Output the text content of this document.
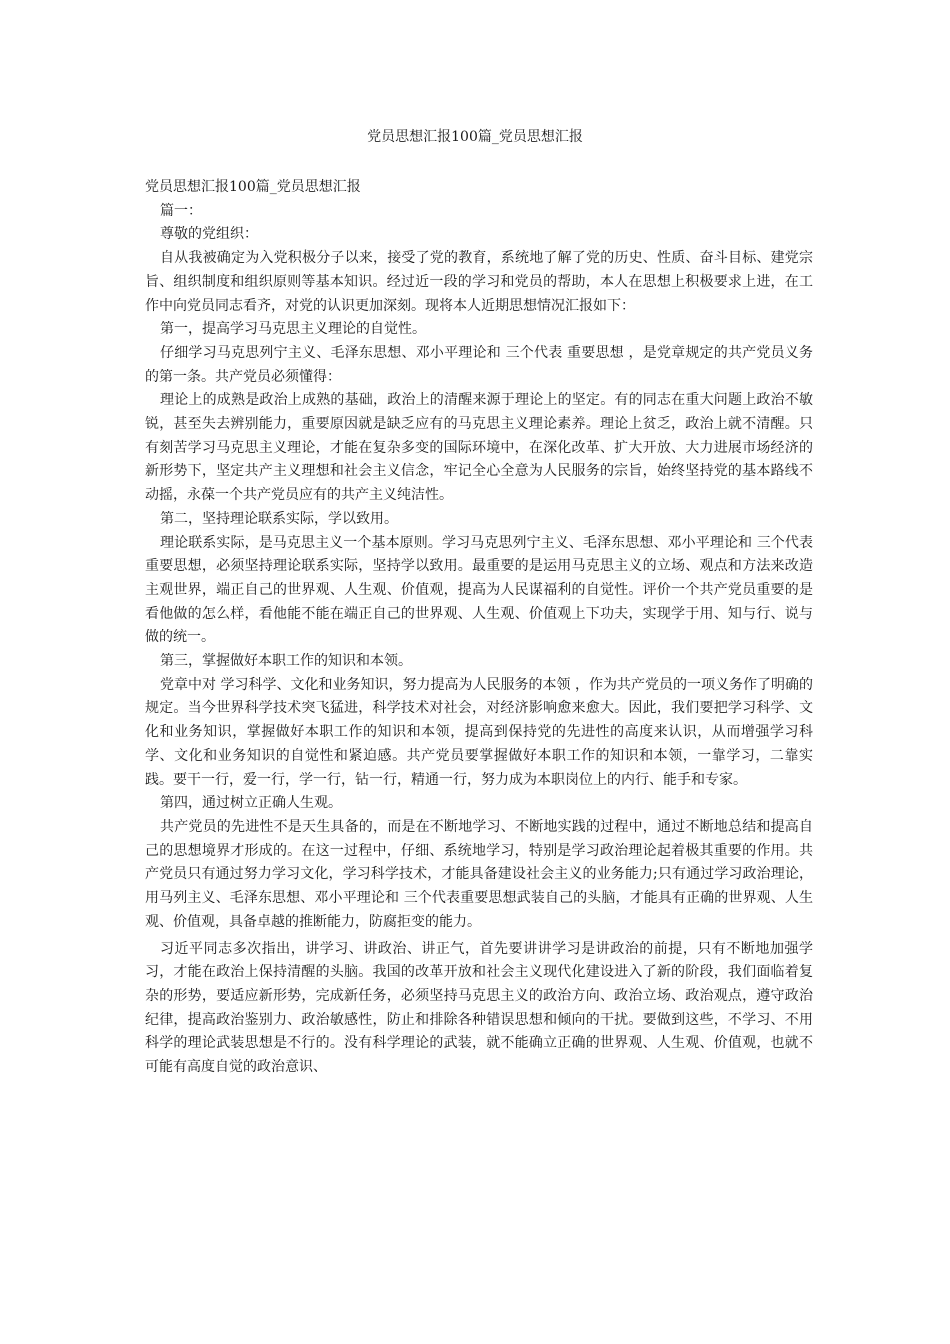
党员思想汇报100篇_党员思想汇报

党员思想汇报100篇_党员思想汇报

篇一：

尊敬的党组织：

自从我被确定为入党积极分子以来，接受了党的教育，系统地了解了党的历史、性质、奋斗目标、建党宗旨、组织制度和组织原则等基本知识。经过近一段的学习和党员的帮助，本人在思想上积极要求上进，在工作中向党员同志看齐，对党的认识更加深刻。现将本人近期思想情况汇报如下：

第一，提高学习马克思主义理论的自觉性。

仔细学习马克思列宁主义、毛泽东思想、邓小平理论和 三个代表 重要思想 ，是党章规定的共产党员义务的第一条。共产党员必须懂得：

理论上的成熟是政治上成熟的基础，政治上的清醒来源于理论上的坚定。有的同志在重大问题上政治不敏锐，甚至失去辨别能力，重要原因就是缺乏应有的马克思主义理论素养。理论上贫乏，政治上就不清醒。只有刻苦学习马克思主义理论，才能在复杂多变的国际环境中，在深化改革、扩大开放、大力进展市场经济的新形势下，坚定共产主义理想和社会主义信念，牢记全心全意为人民服务的宗旨，始终坚持党的基本路线不动摇，永葆一个共产党员应有的共产主义纯洁性。

第二，坚持理论联系实际，学以致用。

理论联系实际，是马克思主义一个基本原则。学习马克思列宁主义、毛泽东思想、邓小平理论和 三个代表 重要思想，必须坚持理论联系实际，坚持学以致用。最重要的是运用马克思主义的立场、观点和方法来改造主观世界，端正自己的世界观、人生观、价值观，提高为人民谋福利的自觉性。评价一个共产党员重要的是看他做的怎么样，看他能不能在端正自己的世界观、人生观、价值观上下功夫，实现学于用、知与行、说与做的统一。

第三，掌握做好本职工作的知识和本领。

党章中对 学习科学、文化和业务知识，努力提高为人民服务的本领 ，作为共产党员的一项义务作了明确的规定。当今世界科学技术突飞猛进，科学技术对社会，对经济影响愈来愈大。因此，我们要把学习科学、文化和业务知识，掌握做好本职工作的知识和本领，提高到保持党的先进性的高度来认识，从而增强学习科学、文化和业务知识的自觉性和紧迫感。共产党员要掌握做好本职工作的知识和本领，一靠学习，二靠实践。要干一行，爱一行，学一行，钻一行，精通一行，努力成为本职岗位上的内行、能手和专家。

第四，通过树立正确人生观。

共产党员的先进性不是天生具备的，而是在不断地学习、不断地实践的过程中，通过不断地总结和提高自己的思想境界才形成的。在这一过程中，仔细、系统地学习，特别是学习政治理论起着极其重要的作用。共产党员只有通过努力学习文化，学习科学技术，才能具备建设社会主义的业务能力;只有通过学习政治理论，用马列主义、毛泽东思想、邓小平理论和 三个代表重要思想武装自己的头脑，才能具有正确的世界观、人生观、价值观，具备卓越的推断能力，防腐拒变的能力。

习近平同志多次指出，讲学习、讲政治、讲正气，首先要讲讲学习是讲政治的前提，只有不断地加强学习，才能在政治上保持清醒的头脑。我国的改革开放和社会主义现代化建设进入了新的阶段，我们面临着复杂的形势，要适应新形势，完成新任务，必须坚持马克思主义的政治方向、政治立场、政治观点，遵守政治纪律，提高政治鉴别力、政治敏感性，防止和排除各种错误思想和倾向的干扰。要做到这些，不学习、不用科学的理论武装思想是不行的。没有科学理论的武装，就不能确立正确的世界观、人生观、价值观，也就不可能有高度自觉的政治意识、
